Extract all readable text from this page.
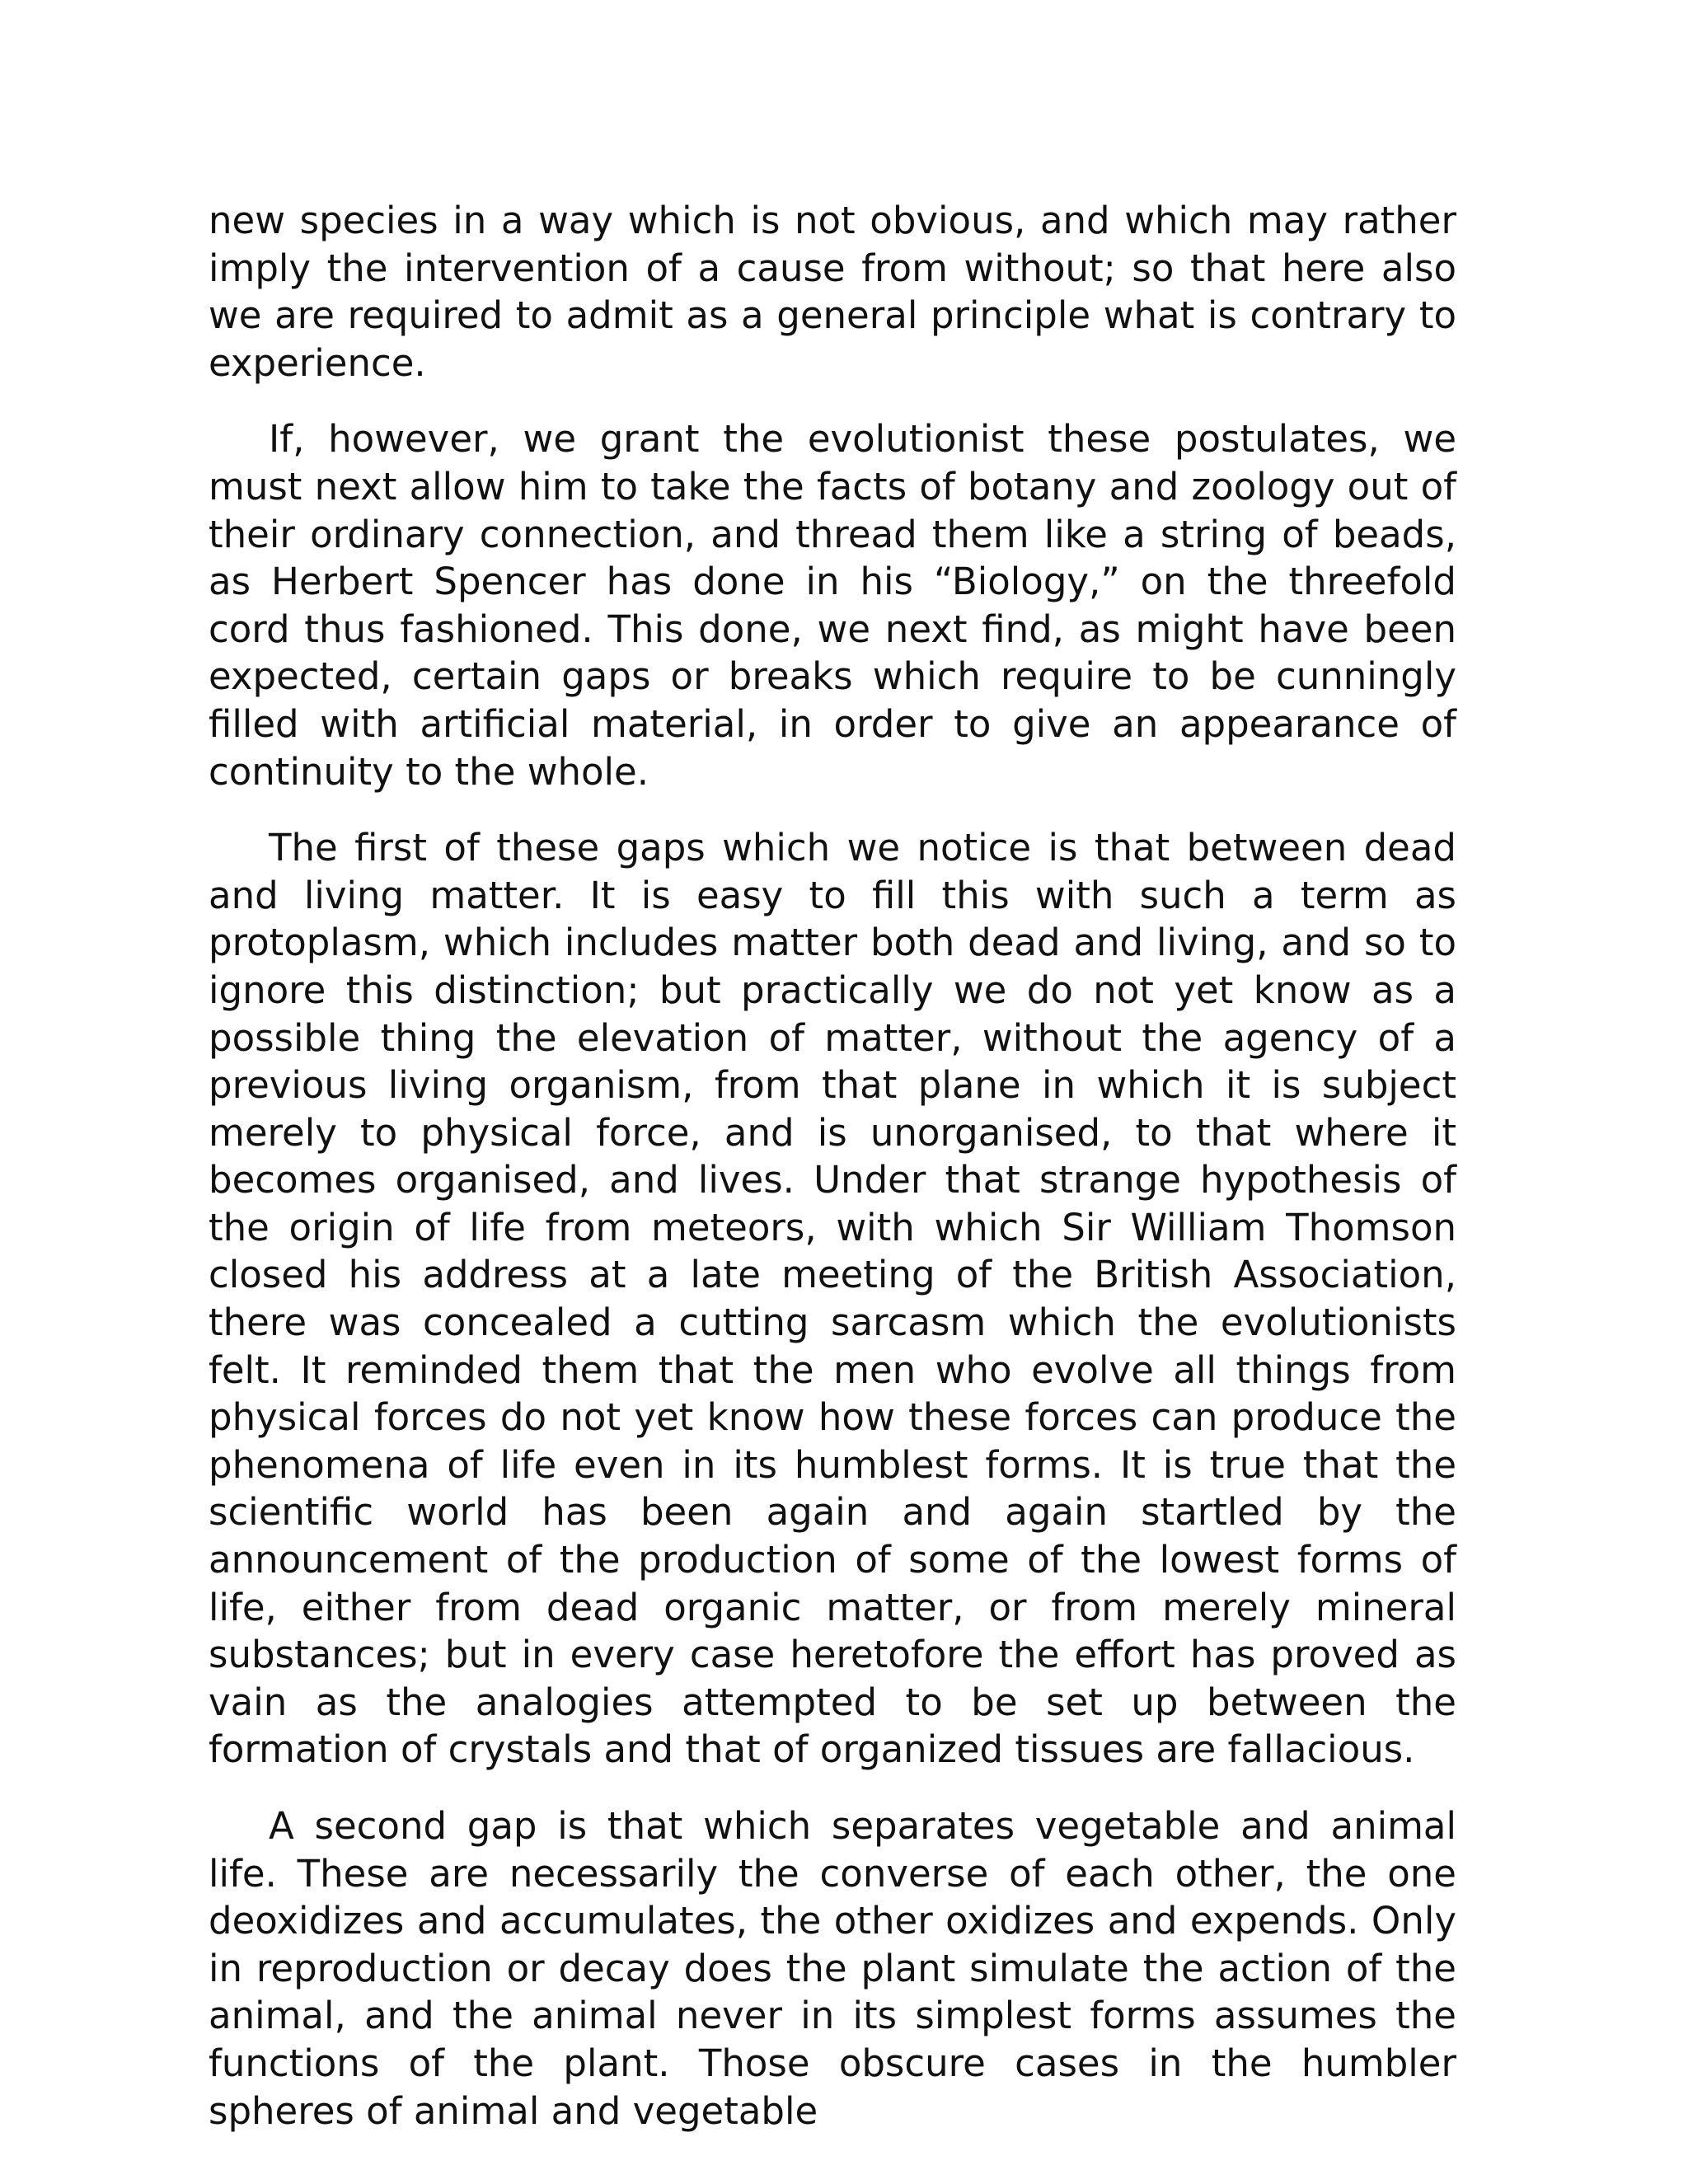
new species in a way which is not obvious, and which may rather imply the intervention of a cause from without; so that here also we are required to admit as a general principle what is contrary to experience.

If, however, we grant the evolutionist these postulates, we must next allow him to take the facts of botany and zoology out of their ordinary connection, and thread them like a string of beads, as Herbert Spencer has done in his “Biology,” on the threefold cord thus fashioned. This done, we next find, as might have been expected, certain gaps or breaks which require to be cunningly filled with artificial material, in order to give an appearance of continuity to the whole.

The first of these gaps which we notice is that between dead and living matter. It is easy to fill this with such a term as protoplasm, which includes matter both dead and living, and so to ignore this distinction; but practically we do not yet know as a possible thing the elevation of matter, without the agency of a previous living organism, from that plane in which it is subject merely to physical force, and is unorganised, to that where it becomes organised, and lives. Under that strange hypothesis of the origin of life from meteors, with which Sir William Thomson closed his address at a late meeting of the British Association, there was concealed a cutting sarcasm which the evolutionists felt. It reminded them that the men who evolve all things from physical forces do not yet know how these forces can produce the phenomena of life even in its humblest forms. It is true that the scientific world has been again and again startled by the announcement of the production of some of the lowest forms of life, either from dead organic matter, or from merely mineral substances; but in every case heretofore the effort has proved as vain as the analogies attempted to be set up between the formation of crystals and that of organized tissues are fallacious.

A second gap is that which separates vegetable and animal life. These are necessarily the converse of each other, the one deoxidizes and accumulates, the other oxidizes and expends. Only in reproduction or decay does the plant simulate the action of the animal, and the animal never in its simplest forms assumes the functions of the plant. Those obscure cases in the humbler spheres of animal and vegetable
